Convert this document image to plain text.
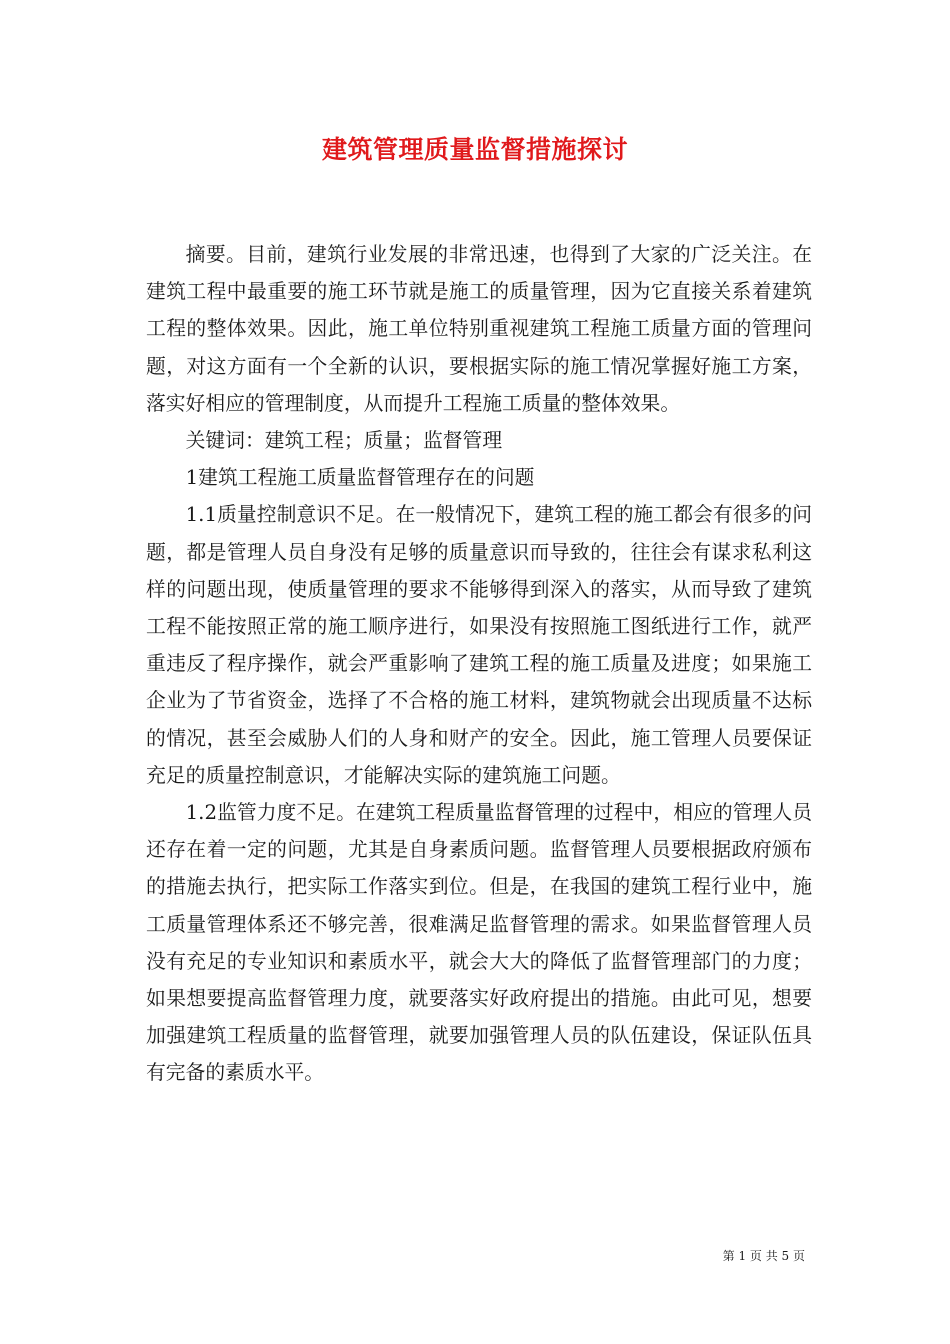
建筑管理质量监督措施探讨

摘要。目前，建筑行业发展的非常迅速，也得到了大家的广泛关注。在建筑工程中最重要的施工环节就是施工的质量管理，因为它直接关系着建筑工程的整体效果。因此，施工单位特别重视建筑工程施工质量方面的管理问题，对这方面有一个全新的认识，要根据实际的施工情况掌握好施工方案，落实好相应的管理制度，从而提升工程施工质量的整体效果。

关键词：建筑工程；质量；监督管理

1建筑工程施工质量监督管理存在的问题

1.1质量控制意识不足。在一般情况下，建筑工程的施工都会有很多的问题，都是管理人员自身没有足够的质量意识而导致的，往往会有谋求私利这样的问题出现，使质量管理的要求不能够得到深入的落实，从而导致了建筑工程不能按照正常的施工顺序进行，如果没有按照施工图纸进行工作，就严重违反了程序操作，就会严重影响了建筑工程的施工质量及进度；如果施工企业为了节省资金，选择了不合格的施工材料，建筑物就会出现质量不达标的情况，甚至会威胁人们的人身和财产的安全。因此，施工管理人员要保证充足的质量控制意识，才能解决实际的建筑施工问题。

1.2监管力度不足。在建筑工程质量监督管理的过程中，相应的管理人员还存在着一定的问题，尤其是自身素质问题。监督管理人员要根据政府颁布的措施去执行，把实际工作落实到位。但是，在我国的建筑工程行业中，施工质量管理体系还不够完善，很难满足监督管理的需求。如果监督管理人员没有充足的专业知识和素质水平，就会大大的降低了监督管理部门的力度；如果想要提高监督管理力度，就要落实好政府提出的措施。由此可见，想要加强建筑工程质量的监督管理，就要加强管理人员的队伍建设，保证队伍具有完备的素质水平。

第 1 页 共 5 页
